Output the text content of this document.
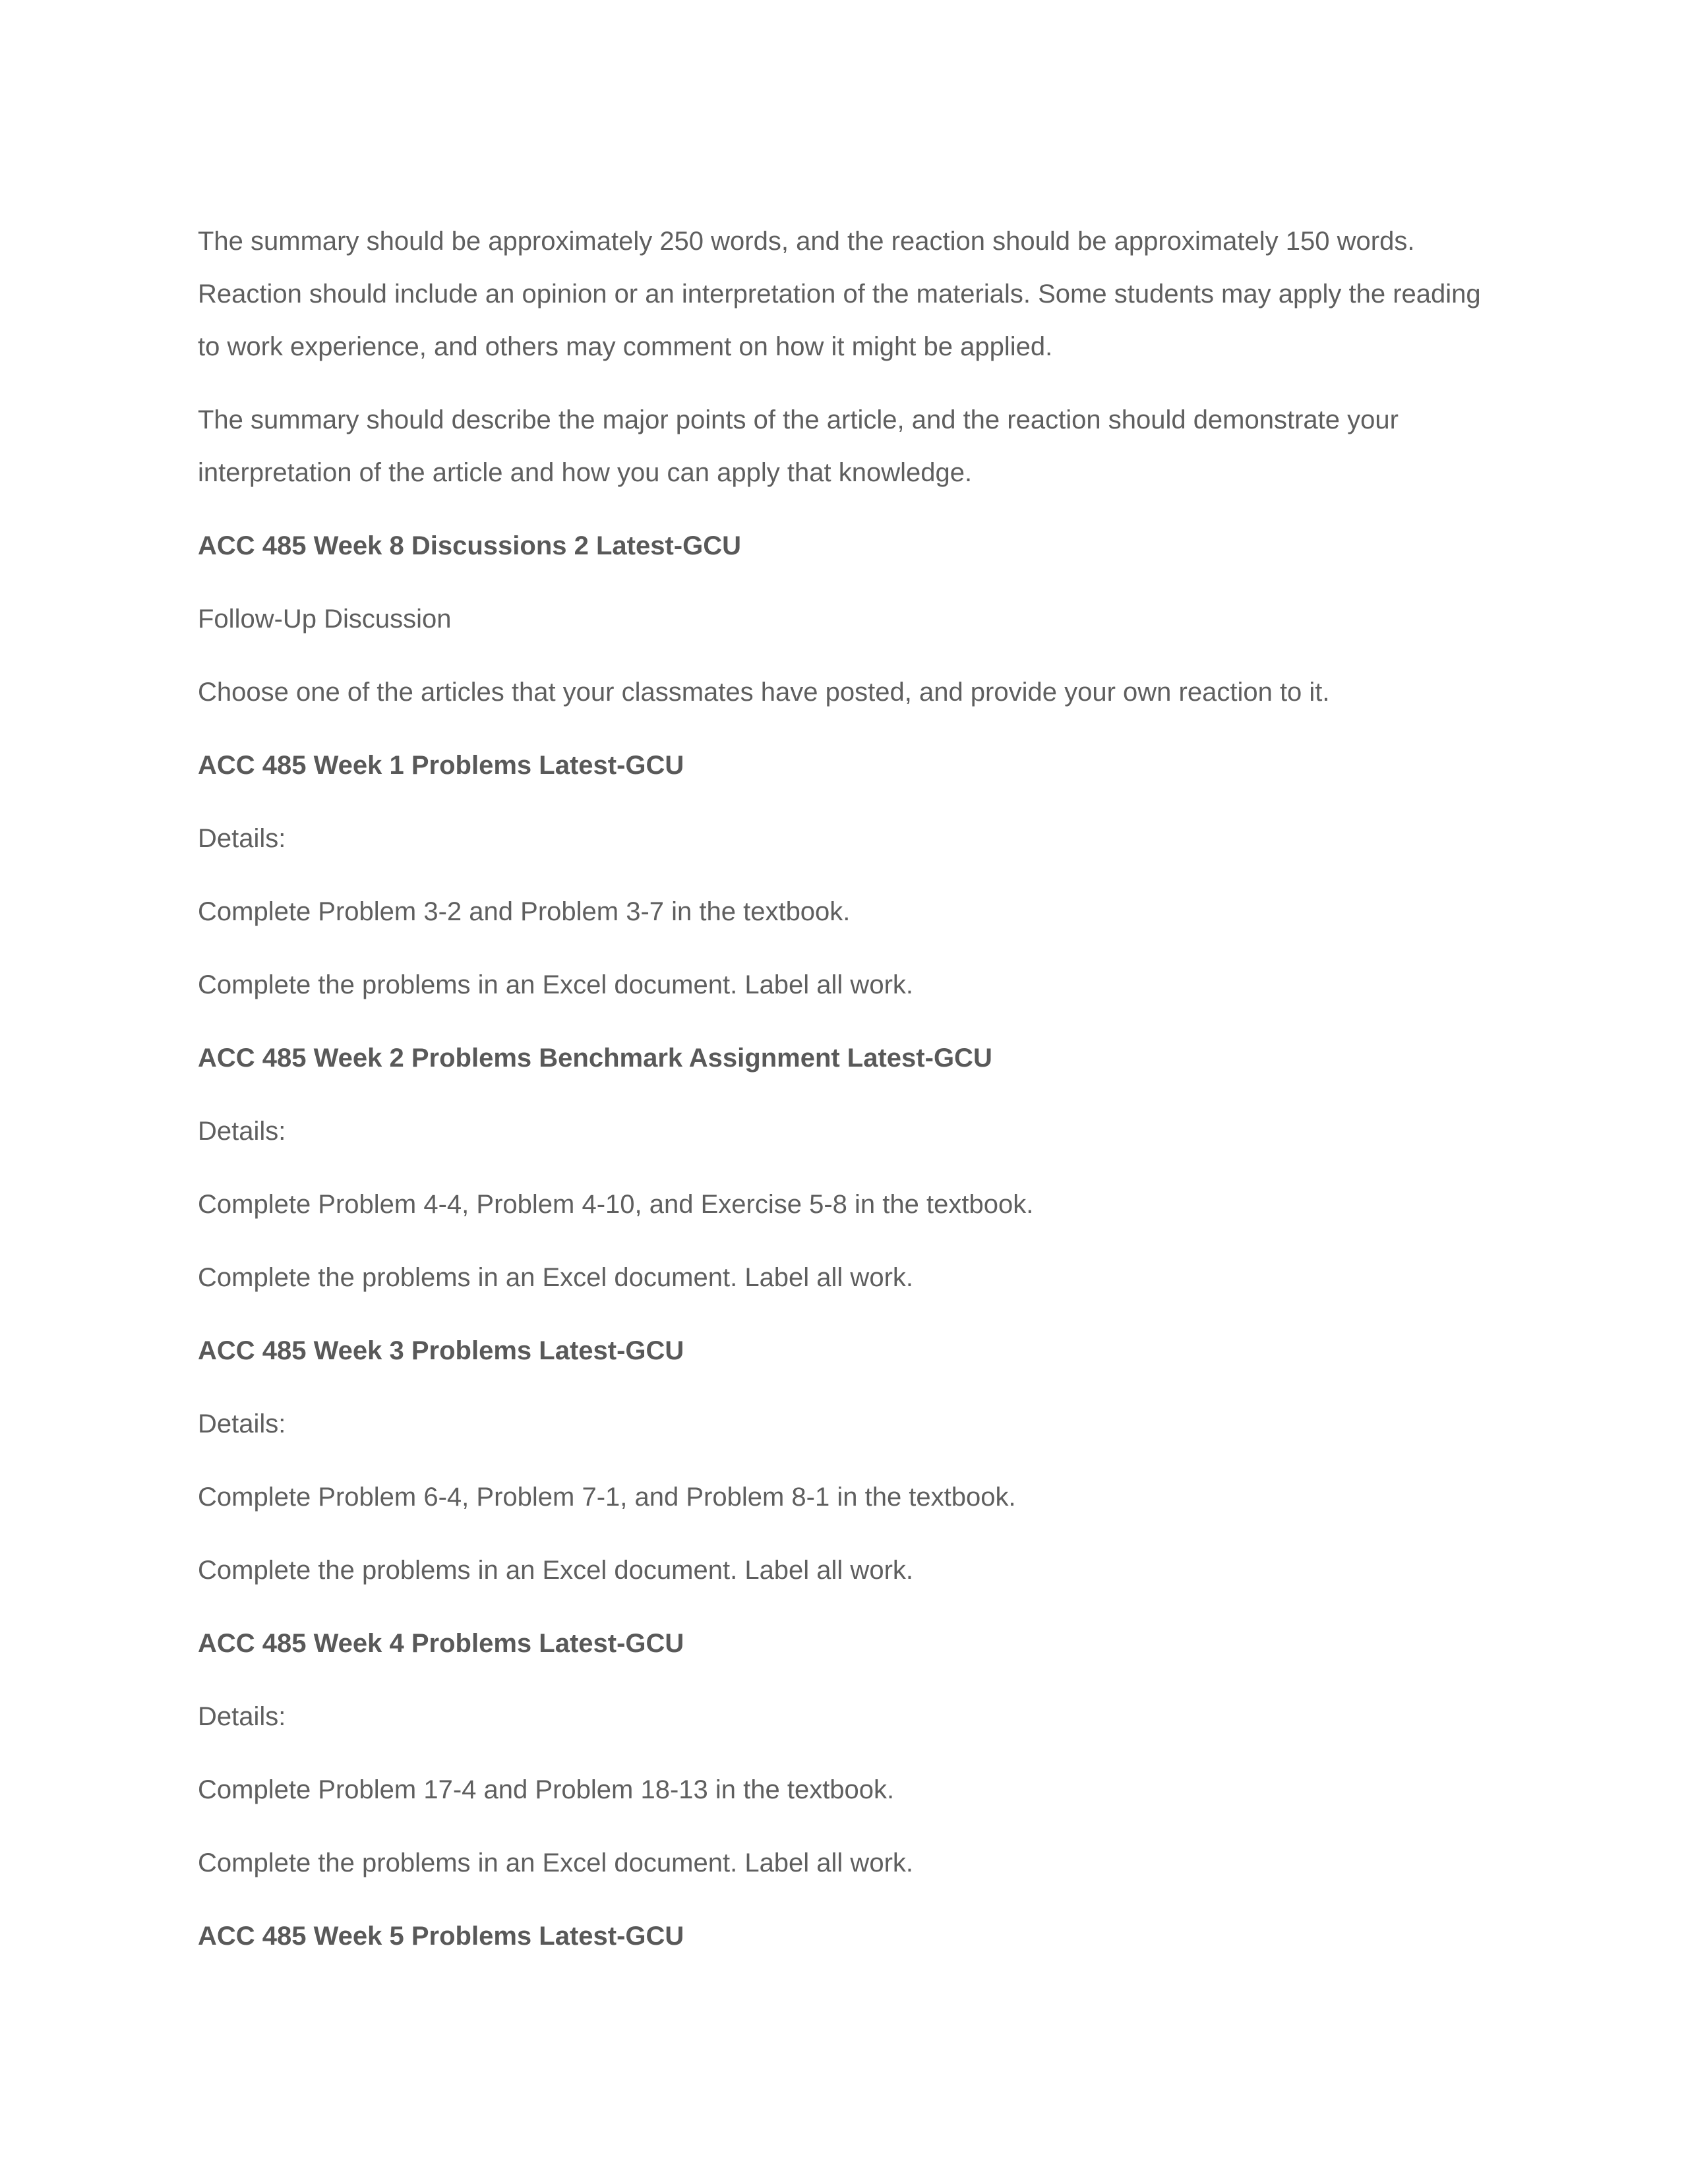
The summary should be approximately 250 words, and the reaction should be approximately 150 words. Reaction should include an opinion or an interpretation of the materials. Some students may apply the reading to work experience, and others may comment on how it might be applied.

The summary should describe the major points of the article, and the reaction should demonstrate your interpretation of the article and how you can apply that knowledge.

ACC 485 Week 8 Discussions 2 Latest-GCU

Follow-Up Discussion

Choose one of the articles that your classmates have posted, and provide your own reaction to it.

ACC 485 Week 1 Problems Latest-GCU

Details:

Complete Problem 3-2 and Problem 3-7 in the textbook.

Complete the problems in an Excel document. Label all work.

ACC 485 Week 2 Problems Benchmark Assignment Latest-GCU

Details:

Complete Problem 4-4, Problem 4-10, and Exercise 5-8 in the textbook.

Complete the problems in an Excel document. Label all work.

ACC 485 Week 3 Problems Latest-GCU

Details:

Complete Problem 6-4, Problem 7-1, and Problem 8-1 in the textbook.

Complete the problems in an Excel document. Label all work.

ACC 485 Week 4 Problems Latest-GCU

Details:

Complete Problem 17-4 and Problem 18-13 in the textbook.

Complete the problems in an Excel document. Label all work.

ACC 485 Week 5 Problems Latest-GCU
